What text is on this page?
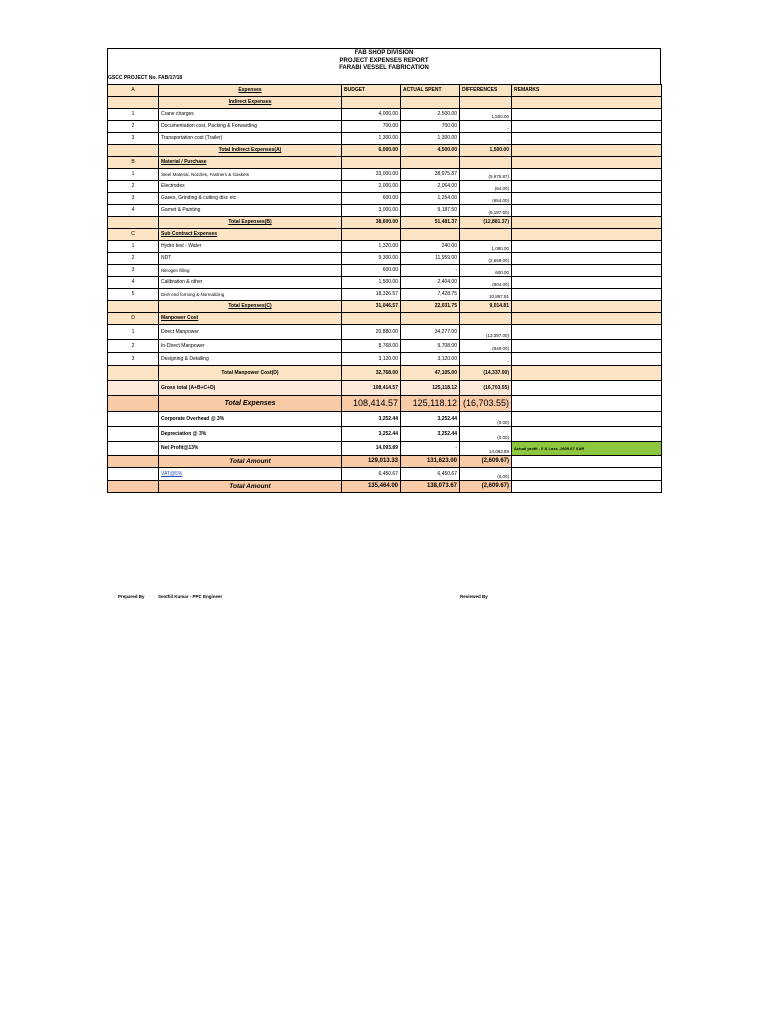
FAB SHOP DIVISION
PROJECT EXPENSES REPORT
FARABI VESSEL FABRICATION
GSCC PROJECT No. FAB/17/18
A	Expenses	BUDGET	ACTUAL SPENT	DIFFERENCES	REMARKS
	Indirect Expenses				
1	Crane charges	4,000.00	2,500.00	1,500.00	
2	Documentation cost, Packing & Forwarding	700.00	700.00	-	
3	Transportation cost (Trailer)	1,300.00	1,300.00	-	
	Total Indirect Expenses(A)	6,000.00	4,500.00	1,500.00	
B	Material / Purchase				
1	Steel Material, Nozzles, Fastners & Gaskets	33,000.00	38,975.87	(5,975.87)	
2	Electrodes	2,000.00	2,064.00	(64.00)	
3	Gases, Grinding & cutting disc etc	600.00	1,254.00	(654.00)	
4	Garnet & Painting	3,000.00	9,187.50	(6,187.50)	
	Total Expenses(B)	38,600.00	51,481.37	(12,881.37)	
C	Sub Contract Expenses				
1	Hydro test - Water	1,320.00	240.00	1,080.00	
2	NDT	9,300.00	11,959.00	(2,659.00)	
3	Nitrogen filling	600.00	-	600.00	
4	Calibration & other	1,500.00	2,404.00	(904.00)	
5	Dish end forming & Normalizing	18,326.57	7,428.75	10,897.81	
	Total Expenses(C)	31,046.57	22,031.75	9,014.81	
D	Manpower Cost				
1	Direct Manpower	20,880.00	34,277.00	(13,397.00)	
2	In-Direct Manpower	8,768.00	9,708.00	(940.00)	
3	Designing & Detailing	3,120.00	3,120.00	-	
	Total Manpower Cost(D)	32,768.00	47,105.00	(14,337.00)	
	Gross total (A+B+C+D)	108,414.57	125,118.12	(16,703.55)	
	Total Expenses	108,414.57	125,118.12	(16,703.55)	
	Corporate Overhead @ 3%	3,252.44	3,252.44	(0.00)	
	Depreciation @ 3%	3,252.44	3,252.44	(0.00)	
	Net Profit@13%	14,093.89	-	14,093.89	Actual profit - 0 & Loss -2609.67 SAR
	Total Amount	129,013.33	131,623.00	(2,609.67)	
	VAT@5%	6,450.67	6,450.67	(0.00)	
	Total Amount	135,464.00	138,073.67	(2,609.67)	
Prepared By	Senthil Kumar - PPC Engineer	Reviewed By
